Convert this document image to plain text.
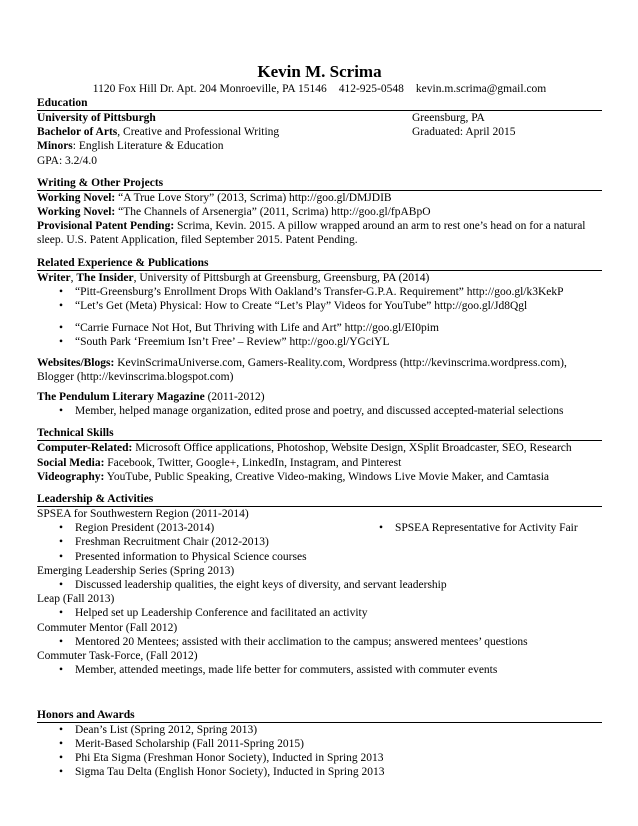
Kevin M. Scrima
1120 Fox Hill Dr. Apt. 204 Monroeville, PA 15146 412-925-0548 kevin.m.scrima@gmail.com
Education
University of Pittsburgh	Greensburg, PA
Bachelor of Arts, Creative and Professional Writing	Graduated: April 2015
Minors: English Literature & Education
GPA: 3.2/4.0
Writing & Other Projects
Working Novel: “A True Love Story” (2013, Scrima) http://goo.gl/DMJDIB
Working Novel: “The Channels of Arsenergia” (2011, Scrima) http://goo.gl/fpABpO
Provisional Patent Pending: Scrima, Kevin. 2015. A pillow wrapped around an arm to rest one’s head on for a natural sleep. U.S. Patent Application, filed September 2015. Patent Pending.
Related Experience & Publications
Writer, The Insider, University of Pittsburgh at Greensburg, Greensburg, PA (2014)
• “Pitt-Greensburg’s Enrollment Drops With Oakland’s Transfer-G.P.A. Requirement” http://goo.gl/k3KekP
• “Let’s Get (Meta) Physical: How to Create “Let’s Play” Videos for YouTube” http://goo.gl/Jd8Qgl
• “Carrie Furnace Not Hot, But Thriving with Life and Art” http://goo.gl/EI0pim
• “South Park ‘Freemium Isn’t Free’ – Review” http://goo.gl/YGciYL
Websites/Blogs: KevinScrimaUniverse.com, Gamers-Reality.com, Wordpress (http://kevinscrima.wordpress.com), Blogger (http://kevinscrima.blogspot.com)
The Pendulum Literary Magazine (2011-2012)
• Member, helped manage organization, edited prose and poetry, and discussed accepted-material selections
Technical Skills
Computer-Related: Microsoft Office applications, Photoshop, Website Design, XSplit Broadcaster, SEO, Research
Social Media: Facebook, Twitter, Google+, LinkedIn, Instagram, and Pinterest
Videography: YouTube, Public Speaking, Creative Video-making, Windows Live Movie Maker, and Camtasia
Leadership & Activities
SPSEA for Southwestern Region (2011-2014)
• Region President (2013-2014)
• Freshman Recruitment Chair (2012-2013)
• Presented information to Physical Science courses
• SPSEA Representative for Activity Fair
Emerging Leadership Series (Spring 2013)
• Discussed leadership qualities, the eight keys of diversity, and servant leadership
Leap (Fall 2013)
• Helped set up Leadership Conference and facilitated an activity
Commuter Mentor (Fall 2012)
• Mentored 20 Mentees; assisted with their acclimation to the campus; answered mentees’ questions
Commuter Task-Force, (Fall 2012)
• Member, attended meetings, made life better for commuters, assisted with commuter events
Honors and Awards
• Dean’s List (Spring 2012, Spring 2013)
• Merit-Based Scholarship (Fall 2011-Spring 2015)
• Phi Eta Sigma (Freshman Honor Society), Inducted in Spring 2013
• Sigma Tau Delta (English Honor Society), Inducted in Spring 2013
